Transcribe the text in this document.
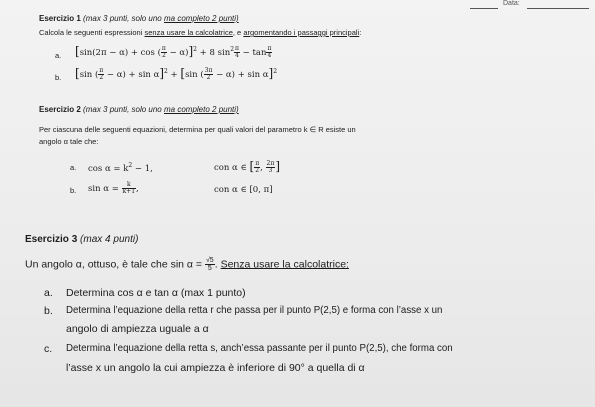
Data:
Esercizio 1 (max 3 punti, solo uno ma completo 2 punti)
Calcola le seguenti espressioni senza usare la calcolatrice, e argomentando i passaggi principali:
a. [sin(2π − α) + cos ( $\frac{\pi}{2} - \alpha)]^2 + 8$ $\sin^2 \frac{\pi}{4} - \tan \frac{\pi}{4}$
b. [sin ( $\frac{\pi}{2} - \alpha) + \sin \alpha]^2 + [\sin$ ( $\frac{3\pi}{2} - \alpha) + \sin \alpha]^2$
Esercizio 2 (max 3 punti, solo uno ma completo 2 punti)
Per ciascuna delle seguenti equazioni, determina per quali valori del parametro k ∈ R esiste un
angolo α tale che:
a. $\cos \alpha = k^2 - 1$,	con α ∈ [ $\frac{\pi}{2}$ , $\frac{2\pi}{3}$ ]
b. $\sin \alpha = \frac{k}{k+1}$ ,	con α ∈ [0, π]
Esercizio 3 (max 4 punti)
Un angolo α, ottuso, è tale che $\sin \alpha = \frac{√5}{5}$ . Senza usare la calcolatrice:
a. Determina cos α e tan α (max 1 punto)
b. Determina l’equazione della retta r che passa per il punto P(2,5) e forma con l’asse x un
angolo di ampiezza uguale a α
c. Determina l’equazione della retta s, anch’essa passante per il punto P(2,5), che forma con
l’asse x un angolo la cui ampiezza è inferiore di 90° a quella di α
